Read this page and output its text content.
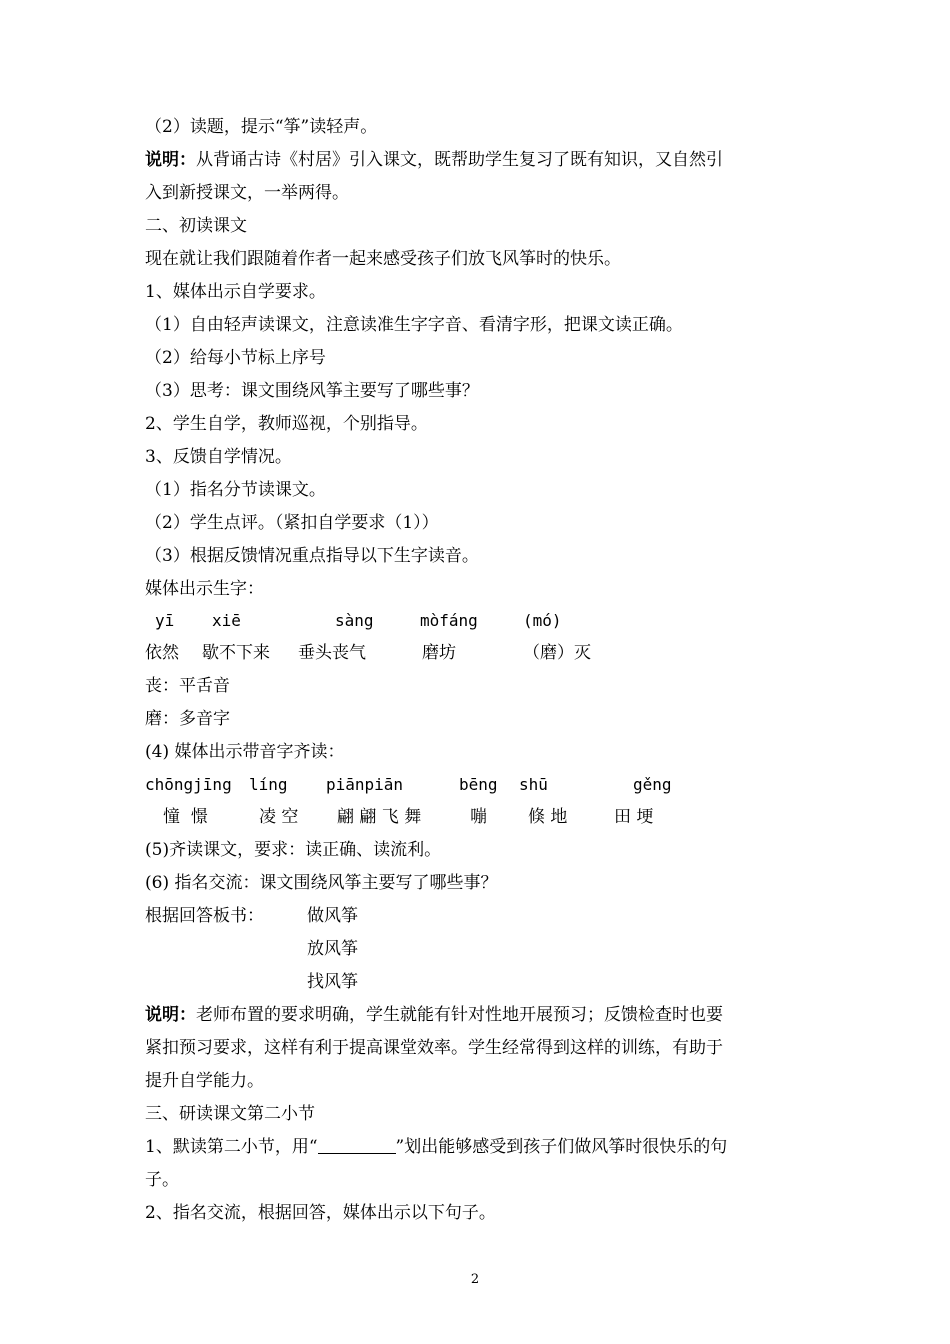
（2）读题，提示“筝”读轻声。
说明：从背诵古诗《村居》引入课文，既帮助学生复习了既有知识，又自然引
入到新授课文，一举两得。
二、初读课文
现在就让我们跟随着作者一起来感受孩子们放飞风筝时的快乐。
1、媒体出示自学要求。
（1）自由轻声读课文，注意读准生字字音、看清字形，把课文读正确。
（2）给每小节标上序号
（3）思考：课文围绕风筝主要写了哪些事？
2、学生自学，教师巡视，个别指导。
3、反馈自学情况。
（1）指名分节读课文。
（2）学生点评。（紧扣自学要求（1））
（3）根据反馈情况重点指导以下生字读音。
媒体出示生字：
yī xiē	sàng	mòfáng	(mó)
依然 歇不下来 垂头丧气	磨坊	（磨）灭
丧：平舌音
磨：多音字
(4) 媒体出示带音字齐读：
chōngjīng líng piānpiān	bēng shū	gěng
憧  憬	凌 空 翩 翩 飞 舞	嘣 倏 地	田 埂
(5)齐读课文，要求：读正确、读流利。
(6) 指名交流：课文围绕风筝主要写了哪些事？
根据回答板书：	做风筝
放风筝
找风筝
说明：老师布置的要求明确，学生就能有针对性地开展预习；反馈检查时也要
紧扣预习要求，这样有利于提高课堂效率。学生经常得到这样的训练，有助于
提升自学能力。
三、研读课文第二小节
1、默读第二小节，用“	”划出能够感受到孩子们做风筝时很快乐的句
子。
2、指名交流，根据回答，媒体出示以下句子。
2
